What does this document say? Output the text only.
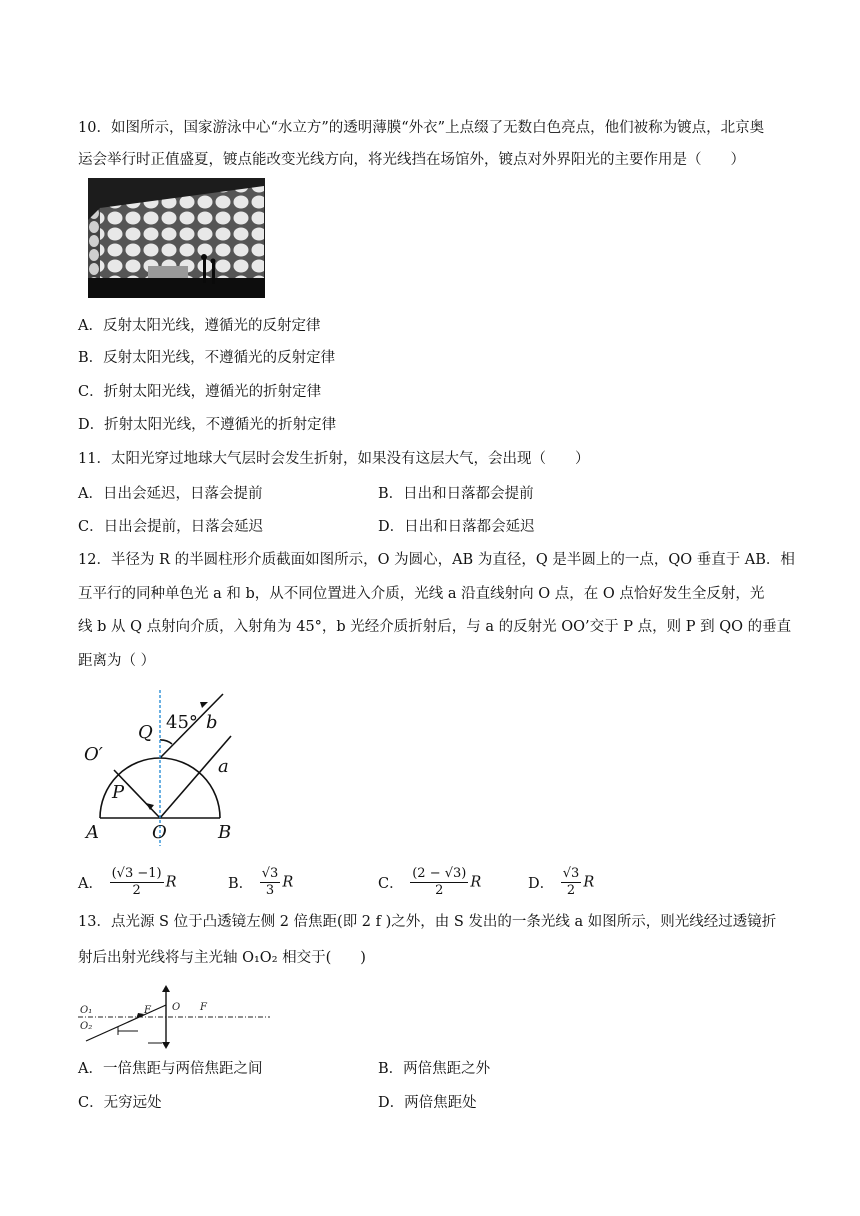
10．如图所示，国家游泳中心“水立方”的透明薄膜“外衣”上点缀了无数白色亮点，他们被称为镀点，北京奥
运会举行时正值盛夏，镀点能改变光线方向，将光线挡在场馆外，镀点对外界阳光的主要作用是（　　）
A．反射太阳光线，遵循光的反射定律
B．反射太阳光线，不遵循光的反射定律
C．折射太阳光线，遵循光的折射定律
D．折射太阳光线，不遵循光的折射定律
11．太阳光穿过地球大气层时会发生折射，如果没有这层大气，会出现（　　）
A．日出会延迟，日落会提前	B．日出和日落都会提前
C．日出会提前，日落会延迟	D．日出和日落都会延迟
12．半径为 R 的半圆柱形介质截面如图所示，O 为圆心，AB 为直径，Q 是半圆上的一点，QO 垂直于 AB．相
互平行的同种单色光 a 和 b，从不同位置进入介质，光线 a 沿直线射向 O 点，在 O 点恰好发生全反射，光
线 b 从 Q 点射向介质，入射角为 45°，b 光经介质折射后，与 a 的反射光 OO’交于 P 点，则 P 到 QO 的垂直
距离为（ ）
45°
Q	b
O′
a
P
A	O	B
A． $\frac{(√3 -1)}{2}$ R	B． $\frac{√3}{3}$ R	C． $\frac{(2 - √3)}{2}$ R	D． $\frac{√3}{2}$ R
13．点光源 S 位于凸透镜左侧 2 倍焦距(即 2 f )之外，由 S 发出的一条光线 a 如图所示，则光线经过透镜折
射后出射光线将与主光轴 O₁O₂ 相交于(　　)
O₁
O₂
F O F
A．一倍焦距与两倍焦距之间	B．两倍焦距之外
C．无穷远处	D．两倍焦距处
